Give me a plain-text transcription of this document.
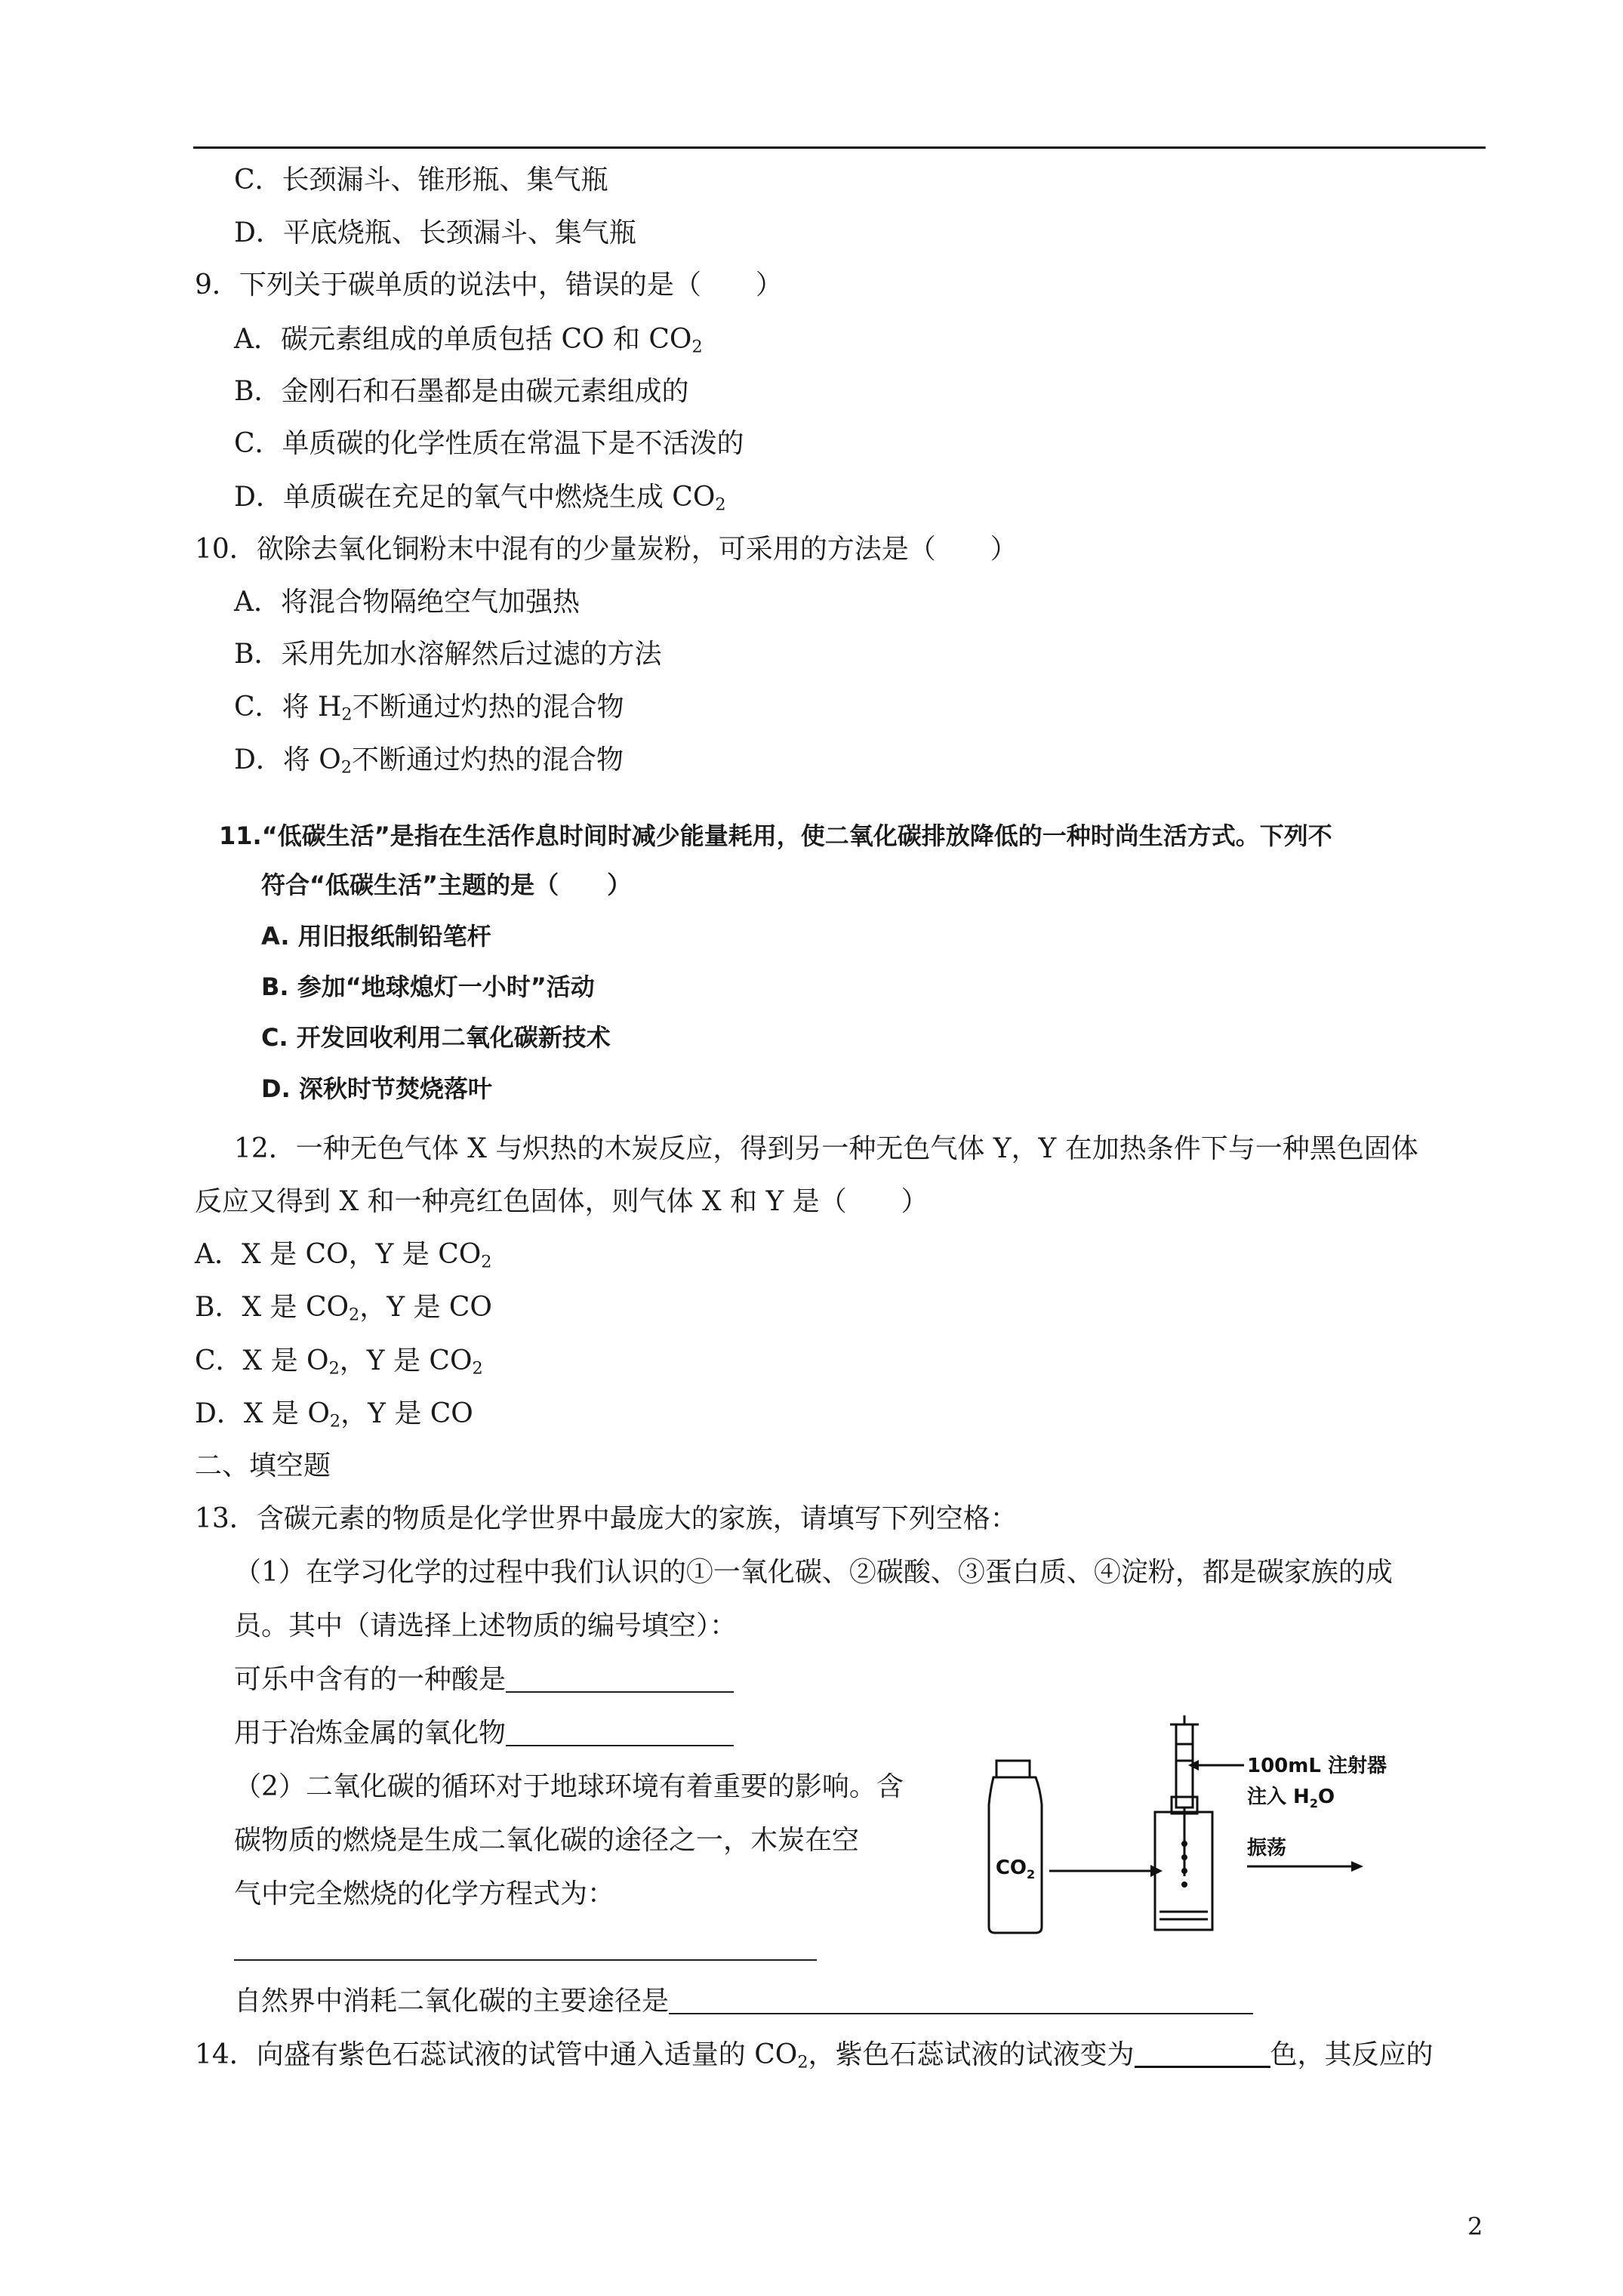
C．长颈漏斗、锥形瓶、集气瓶
D．平底烧瓶、长颈漏斗、集气瓶
9．下列关于碳单质的说法中，错误的是（　　）
A．碳元素组成的单质包括 CO 和 $CO_2$
B．金刚石和石墨都是由碳元素组成的
C．单质碳的化学性质在常温下是不活泼的
D．单质碳在充足的氧气中燃烧生成 $CO_2$
10．欲除去氧化铜粉末中混有的少量炭粉，可采用的方法是（　　）
A．将混合物隔绝空气加强热
B．采用先加水溶解然后过滤的方法
C．将 $H_2$不断通过灼热的混合物
D．将 $O_2$不断通过灼热的混合物
11.“低碳生活”是指在生活作息时间时减少能量耗用，使二氧化碳排放降低的一种时尚生活方式。下列不
符合“低碳生活”主题的是（　　）
A. 用旧报纸制铅笔杆
B. 参加“地球熄灯一小时”活动
C. 开发回收利用二氧化碳新技术
D. 深秋时节焚烧落叶
12．一种无色气体 X 与炽热的木炭反应，得到另一种无色气体 Y，Y 在加热条件下与一种黑色固体
反应又得到 X 和一种亮红色固体，则气体 X 和 Y 是（　　）
A．X 是 CO，Y 是 $CO_2$
B．X 是 $CO_2$，Y 是 CO
C．X 是 $O_2$，Y 是 $CO_2$
D．X 是 $O_2$，Y 是 CO
二、填空题
13．含碳元素的物质是化学世界中最庞大的家族，请填写下列空格：
（1）在学习化学的过程中我们认识的①一氧化碳、②碳酸、③蛋白质、④淀粉，都是碳家族的成
员。其中（请选择上述物质的编号填空）：
可乐中含有的一种酸是
用于冶炼金属的氧化物
（2）二氧化碳的循环对于地球环境有着重要的影响。含
碳物质的燃烧是生成二氧化碳的途径之一，木炭在空
气中完全燃烧的化学方程式为：
自然界中消耗二氧化碳的主要途径是
14．向盛有紫色石蕊试液的试管中通入适量的 $CO_2$，紫色石蕊试液的试液变为	色，其反应的
$CO_2$
100mL 注射器
注入 $H_2O$
振荡
2
